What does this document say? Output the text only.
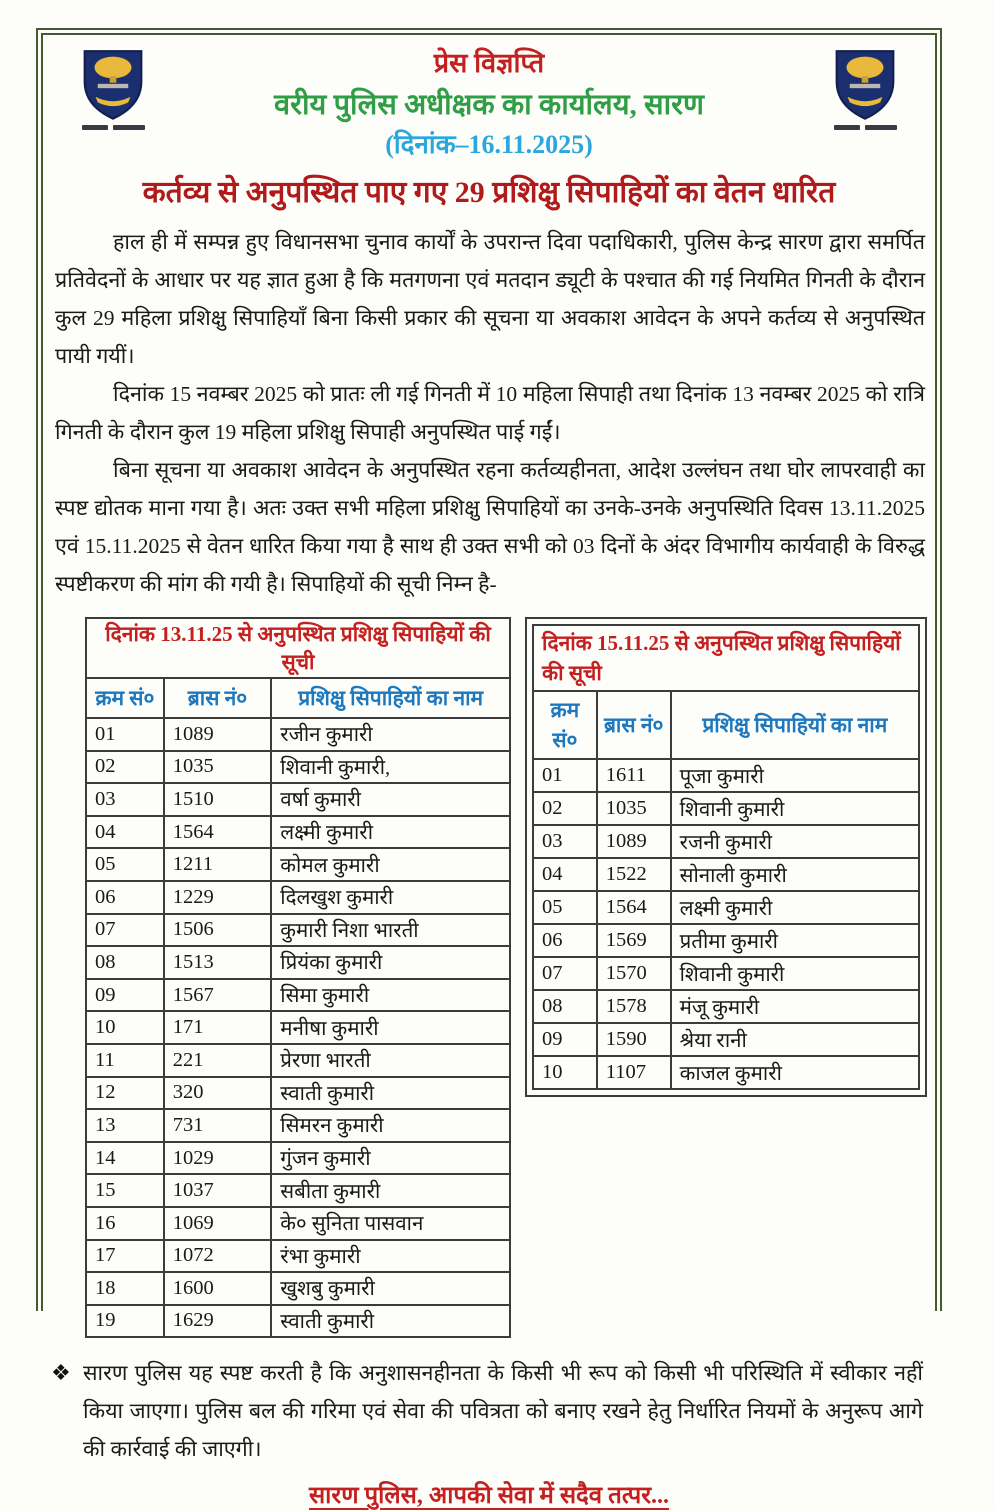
प्रेस विज्ञप्ति
वरीय पुलिस अधीक्षक का कार्यालय, सारण
(दिनांक–16.11.2025)
कर्तव्य से अनुपस्थित पाए गए 29 प्रशिक्षु सिपाहियों का वेतन धारित

हाल ही में सम्पन्न हुए विधानसभा चुनाव कार्यों के उपरान्त दिवा पदाधिकारी, पुलिस केन्द्र सारण द्वारा समर्पित प्रतिवेदनों के आधार पर यह ज्ञात हुआ है कि मतगणना एवं मतदान ड्यूटी के पश्चात की गई नियमित गिनती के दौरान कुल 29 महिला प्रशिक्षु सिपाहियाँ बिना किसी प्रकार की सूचना या अवकाश आवेदन के अपने कर्तव्य से अनुपस्थित पायी गयीं।

दिनांक 15 नवम्बर 2025 को प्रातः ली गई गिनती में 10 महिला सिपाही तथा दिनांक 13 नवम्बर 2025 को रात्रि गिनती के दौरान कुल 19 महिला प्रशिक्षु सिपाही अनुपस्थित पाई गईं।

बिना सूचना या अवकाश आवेदन के अनुपस्थित रहना कर्तव्यहीनता, आदेश उल्लंघन तथा घोर लापरवाही का स्पष्ट द्योतक माना गया है। अतः उक्त सभी महिला प्रशिक्षु सिपाहियों का उनके-उनके अनुपस्थिति दिवस 13.11.2025 एवं 15.11.2025 से वेतन धारित किया गया है साथ ही उक्त सभी को 03 दिनों के अंदर विभागीय कार्यवाही के विरुद्ध स्पष्टीकरण की मांग की गयी है। सिपाहियों की सूची निम्न है-

दिनांक 13.11.25 से अनुपस्थित प्रशिक्षु सिपाहियों की सूची		
क्रम सं०	ब्रास नं०	प्रशिक्षु सिपाहियों का नाम
01	1089	रजीन कुमारी
02	1035	शिवानी कुमारी,
03	1510	वर्षा कुमारी
04	1564	लक्ष्मी कुमारी
05	1211	कोमल कुमारी
06	1229	दिलखुश कुमारी
07	1506	कुमारी निशा भारती
08	1513	प्रियंका कुमारी
09	1567	सिमा कुमारी
10	171	मनीषा कुमारी
11	221	प्रेरणा भारती
12	320	स्वाती कुमारी
13	731	सिमरन कुमारी
14	1029	गुंजन कुमारी
15	1037	सबीता कुमारी
16	1069	के० सुनिता पासवान
17	1072	रंभा कुमारी
18	1600	खुशबु कुमारी
19	1629	स्वाती कुमारी
दिनांक 15.11.25 से अनुपस्थित प्रशिक्षु सिपाहियों की सूची		
क्रम सं०	ब्रास नं०	प्रशिक्षु सिपाहियों का नाम
01	1611	पूजा कुमारी
02	1035	शिवानी कुमारी
03	1089	रजनी कुमारी
04	1522	सोनाली कुमारी
05	1564	लक्ष्मी कुमारी
06	1569	प्रतीमा कुमारी
07	1570	शिवानी कुमारी
08	1578	मंजू कुमारी
09	1590	श्रेया रानी
10	1107	काजल कुमारी
❖ सारण पुलिस यह स्पष्ट करती है कि अनुशासनहीनता के किसी भी रूप को किसी भी परिस्थिति में स्वीकार नहीं किया जाएगा। पुलिस बल की गरिमा एवं सेवा की पवित्रता को बनाए रखने हेतु निर्धारित नियमों के अनुरूप आगे की कार्रवाई की जाएगी।

सारण पुलिस, आपकी सेवा में सदैव तत्पर...
